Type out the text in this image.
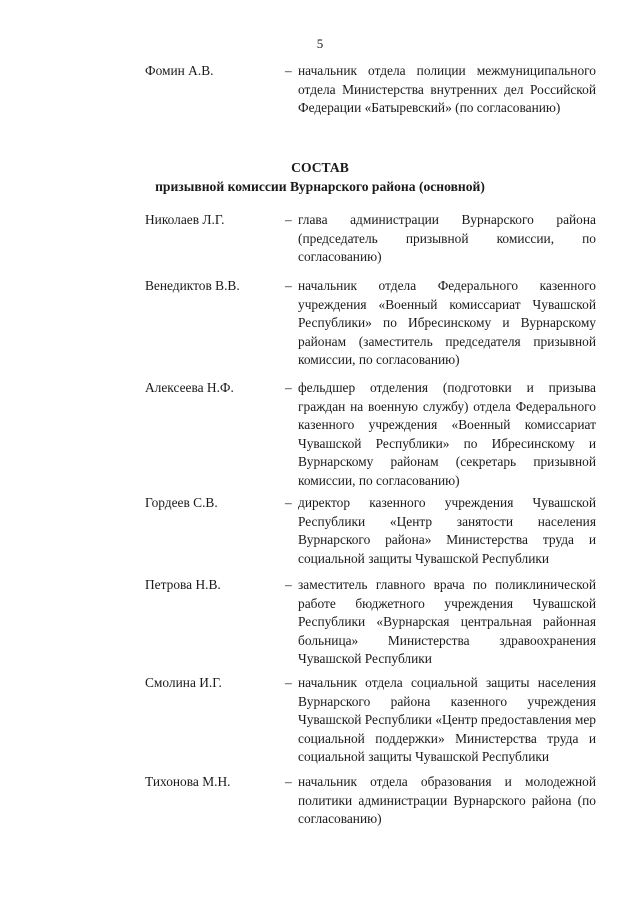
5
Фомин А.В.	– начальник отдела полиции межмуниципального отдела Министерства внутренних дел Российской Федерации «Батыревский» (по согласованию)
СОСТАВ
призывной комиссии Вурнарского района (основной)
Николаев Л.Г.	– глава администрации Вурнарского района (председатель призывной комиссии, по согласованию)
Венедиктов В.В.	– начальник отдела Федерального казенного учреждения «Военный комиссариат Чувашской Республики» по Ибресинскому и Вурнарскому районам (заместитель председателя призывной комиссии, по согласованию)
Алексеева Н.Ф.	– фельдшер отделения (подготовки и призыва граждан на военную службу) отдела Федерального казенного учреждения «Военный комиссариат Чувашской Республики» по Ибресинскому и Вурнарскому районам (секретарь призывной комиссии, по согласованию)
Гордеев С.В.	– директор казенного учреждения Чувашской Республики «Центр занятости населения Вурнарского района» Министерства труда и социальной защиты Чувашской Республики
Петрова Н.В.	– заместитель главного врача по поликлинической работе бюджетного учреждения Чувашской Республики «Вурнарская центральная районная больница» Министерства здравоохранения Чувашской Республики
Смолина И.Г.	– начальник отдела социальной защиты населения Вурнарского района казенного учреждения Чувашской Республики «Центр предоставления мер социальной поддержки» Министерства труда и социальной защиты Чувашской Республики
Тихонова М.Н.	– начальник отдела образования и молодежной политики администрации Вурнарского района (по согласованию)
